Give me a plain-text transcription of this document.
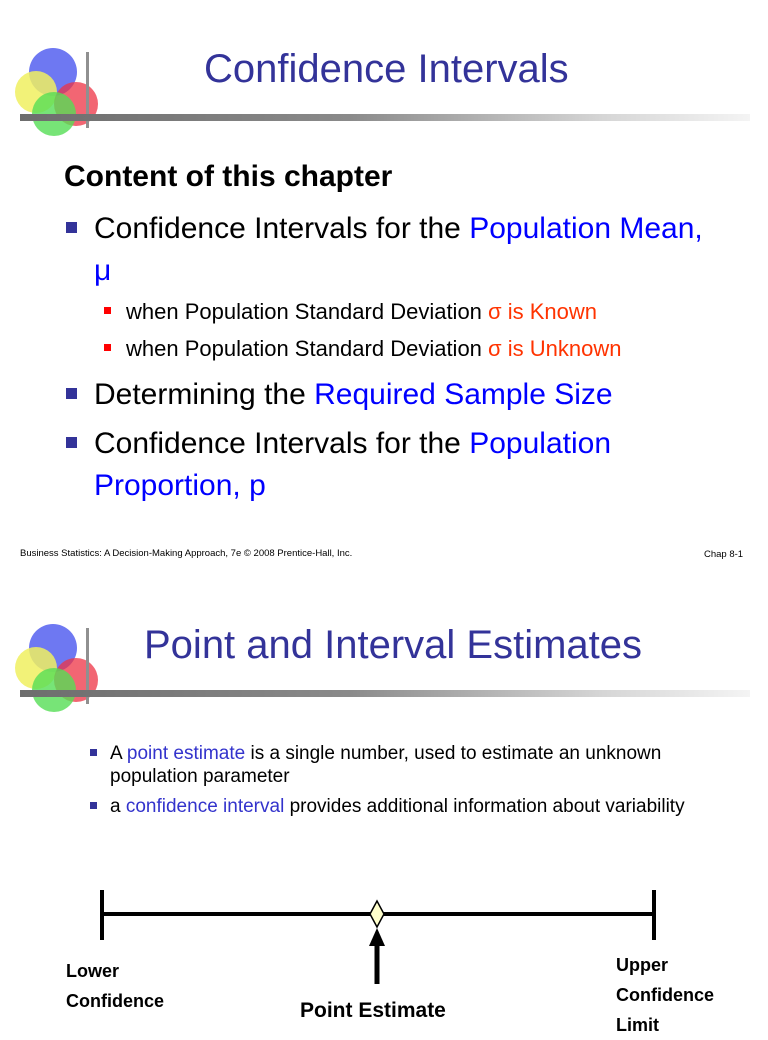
Confidence Intervals
Content of this chapter
Confidence Intervals for the Population Mean, μ
when Population Standard Deviation σ is Known
when Population Standard Deviation σ is Unknown
Determining the Required Sample Size
Confidence Intervals for the Population Proportion, p
Business Statistics: A Decision-Making Approach, 7e © 2008 Prentice-Hall, Inc.	Chap 8-1
Point and Interval Estimates
A point estimate is a single number, used to estimate an unknown population parameter
a confidence interval provides additional information about variability
Lower Confidence
Upper Confidence Limit
Point Estimate
